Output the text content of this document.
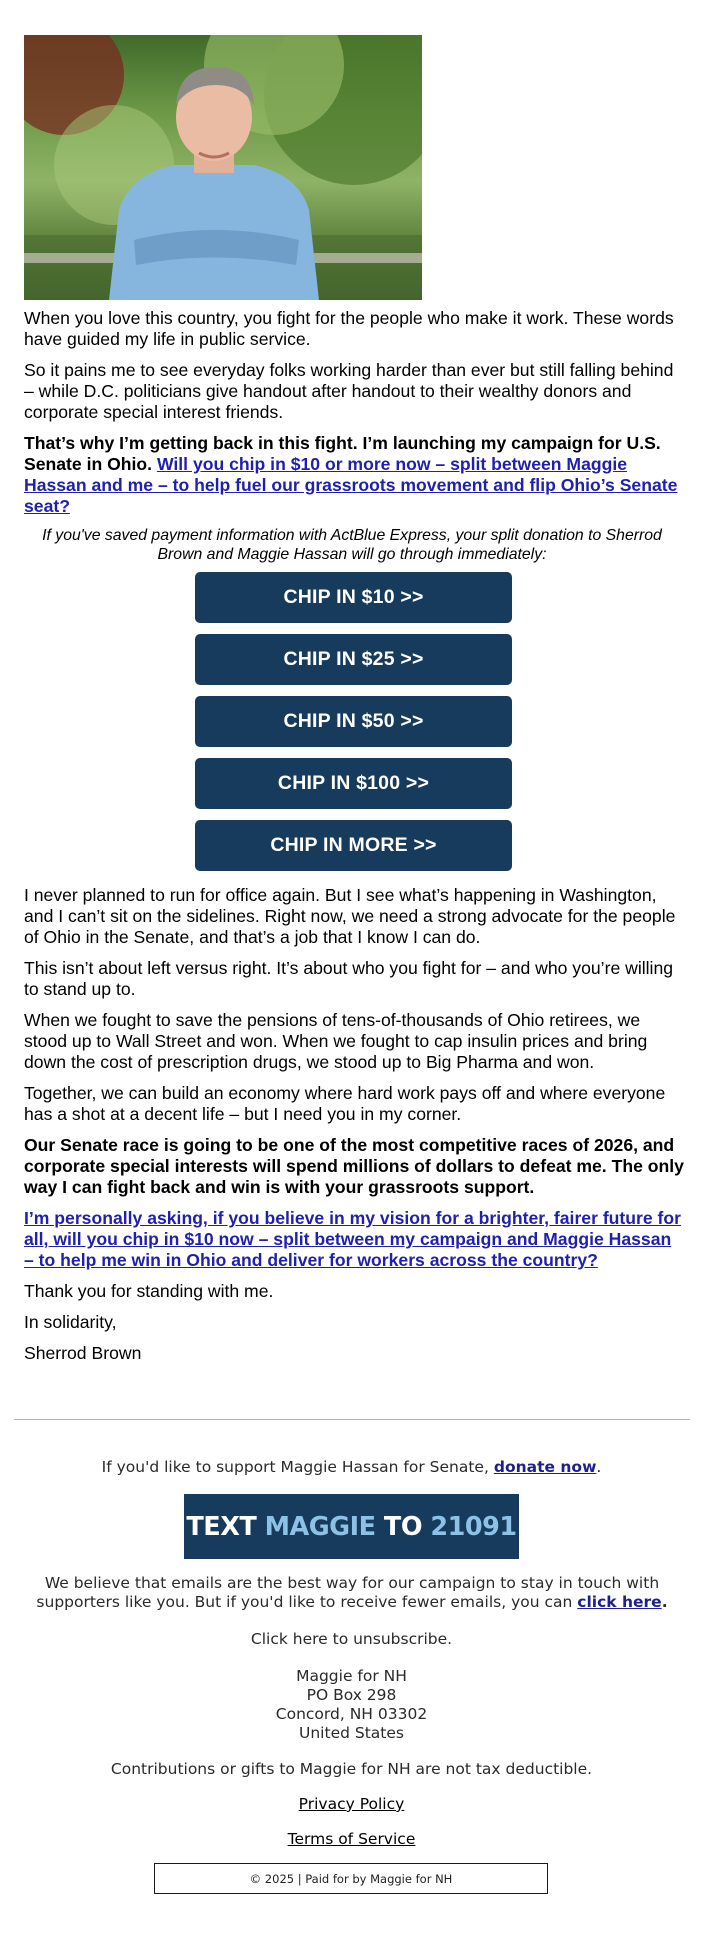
When you love this country, you fight for the people who make it work. These words have guided my life in public service.

So it pains me to see everyday folks working harder than ever but still falling behind – while D.C. politicians give handout after handout to their wealthy donors and corporate special interest friends.

That’s why I’m getting back in this fight. I’m launching my campaign for U.S. Senate in Ohio. Will you chip in $10 or more now – split between Maggie Hassan and me – to help fuel our grassroots movement and flip Ohio’s Senate seat?

If you've saved payment information with ActBlue Express, your split donation to Sherrod Brown and Maggie Hassan will go through immediately:

CHIP IN $10 >>
CHIP IN $25 >>
CHIP IN $50 >>
CHIP IN $100 >>
CHIP IN MORE >>

I never planned to run for office again. But I see what’s happening in Washington, and I can’t sit on the sidelines. Right now, we need a strong advocate for the people of Ohio in the Senate, and that’s a job that I know I can do.

This isn’t about left versus right. It’s about who you fight for – and who you’re willing to stand up to.

When we fought to save the pensions of tens-of-thousands of Ohio retirees, we stood up to Wall Street and won. When we fought to cap insulin prices and bring down the cost of prescription drugs, we stood up to Big Pharma and won.

Together, we can build an economy where hard work pays off and where everyone has a shot at a decent life – but I need you in my corner.

Our Senate race is going to be one of the most competitive races of 2026, and corporate special interests will spend millions of dollars to defeat me. The only way I can fight back and win is with your grassroots support.

I’m personally asking, if you believe in my vision for a brighter, fairer future for all, will you chip in $10 now – split between my campaign and Maggie Hassan – to help me win in Ohio and deliver for workers across the country?

Thank you for standing with me.

In solidarity,

Sherrod Brown

If you'd like to support Maggie Hassan for Senate, donate now.

TEXT
MAGGIE
TO
21091

We believe that emails are the best way for our campaign to stay in touch with supporters like you. But if you'd like to receive fewer emails, you can click here.

Click here to unsubscribe.

Maggie for NH

PO Box 298

Concord, NH 03302

United States

Contributions or gifts to Maggie for NH are not tax deductible.

Privacy Policy

Terms of Service

© 2025 | Paid for by Maggie for NH
